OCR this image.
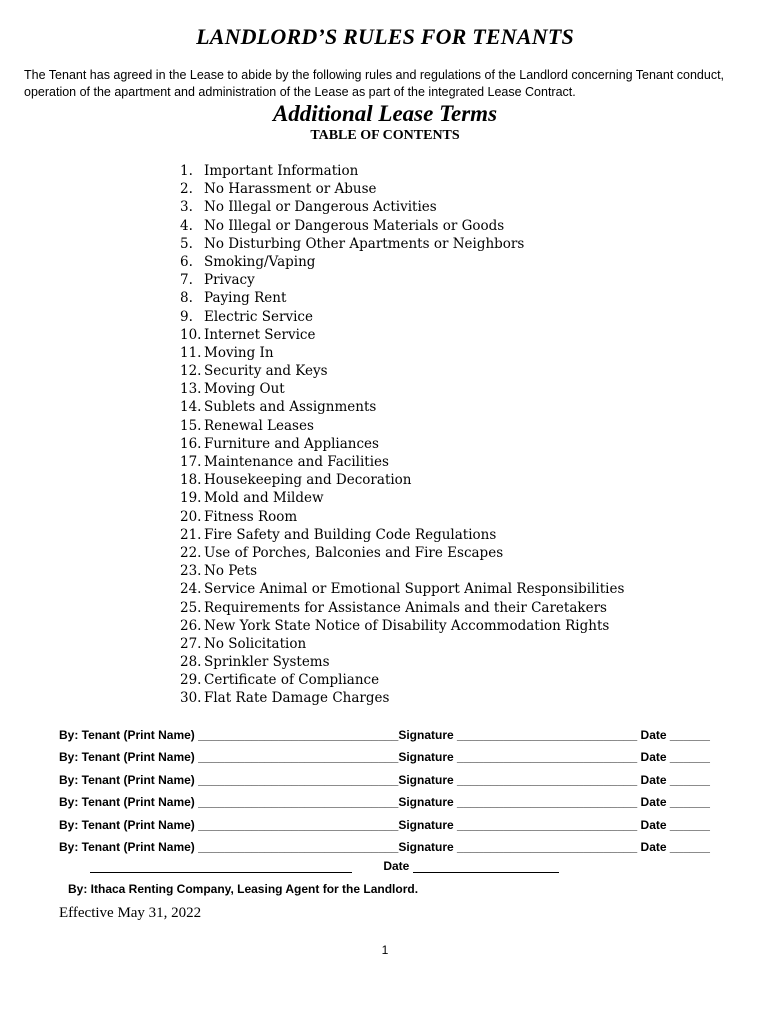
LANDLORD’S RULES FOR TENANTS

The Tenant has agreed in the Lease to abide by the following rules and regulations of the Landlord concerning Tenant conduct, operation of the apartment and administration of the Lease as part of the integrated Lease Contract.

Additional Lease Terms
TABLE OF CONTENTS
1. Important Information
2. No Harassment or Abuse
3. No Illegal or Dangerous Activities
4. No Illegal or Dangerous Materials or Goods
5. No Disturbing Other Apartments or Neighbors
6. Smoking/Vaping
7. Privacy
8. Paying Rent
9. Electric Service
10. Internet Service
11. Moving In
12. Security and Keys
13. Moving Out
14. Sublets and Assignments
15. Renewal Leases
16. Furniture and Appliances
17. Maintenance and Facilities
18. Housekeeping and Decoration
19. Mold and Mildew
20. Fitness Room
21. Fire Safety and Building Code Regulations
22. Use of Porches, Balconies and Fire Escapes
23. No Pets
24. Service Animal or Emotional Support Animal Responsibilities
25. Requirements for Assistance Animals and their Caretakers
26. New York State Notice of Disability Accommodation Rights
27. No Solicitation
28. Sprinkler Systems
29. Certificate of Compliance
30. Flat Rate Damage Charges
By: Tenant (Print Name) ______________________________Signature ___________________________ Date ______
By: Tenant (Print Name) ______________________________Signature ___________________________ Date ______
By: Tenant (Print Name) ______________________________Signature ___________________________ Date ______
By: Tenant (Print Name) ______________________________Signature ___________________________ Date ______
By: Tenant (Print Name) ______________________________Signature ___________________________ Date ______
By: Tenant (Print Name) ______________________________Signature ___________________________ Date ______
Date
By: Ithaca Renting Company, Leasing Agent for the Landlord.
Effective May 31, 2022
1
